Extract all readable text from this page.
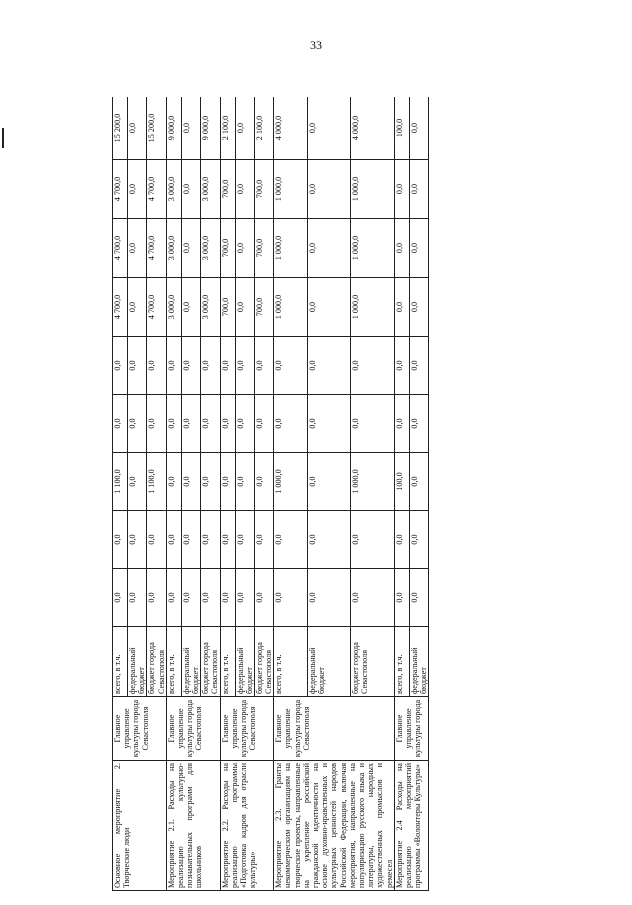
33
Основное мероприятие 2. Творческие люди	Главное управление культуры города Севастополя	всего, в т.ч.	0,0	0,0	1 100,0	0,0	0,0	4 700,0	4 700,0	4 700,0	15 200,0
		федеральный бюджет	0,0	0,0	0,0	0,0	0,0	0,0	0,0	0,0	0,0
		бюджет города Севастополя	0,0	0,0	1 100,0	0,0	0,0	4 700,0	4 700,0	4 700,0	15 200,0
Мероприятие 2.1. Расходы на реализацию культурно-познавательных программ для школьников	Главное управление культуры города Севастополя	всего, в т.ч.	0,0	0,0	0,0	0,0	0,0	3 000,0	3 000,0	3 000,0	9 000,0
		федеральный бюджет	0,0	0,0	0,0	0,0	0,0	0,0	0,0	0,0	0,0
		бюджет города Севастополя	0,0	0,0	0,0	0,0	0,0	3 000,0	3 000,0	3 000,0	9 000,0
Мероприятие 2.2. Расходы на реализацию программы «Подготовка кадров для отрасли культуры»	Главное управление культуры города Севастополя	всего, в т.ч.	0,0	0,0	0,0	0,0	0,0	700,0	700,0	700,0	2 100,0
		федеральный бюджет	0,0	0,0	0,0	0,0	0,0	0,0	0,0	0,0	0,0
		бюджет города Севастополя	0,0	0,0	0,0	0,0	0,0	700,0	700,0	700,0	2 100,0
Мероприятие 2.3. Гранты некоммерческим организациям на творческие проекты, направленные на укрепление российской гражданской идентичности на основе духовно-нравственных и культурных ценностей народов Российской Федерации, включая мероприятия, направленные на популяризацию русского языка и литературы, народных художественных промыслов и ремесел	Главное управление культуры города Севастополя	всего, в т.ч.	0,0	0,0	1 000,0	0,0	0,0	1 000,0	1 000,0	1 000,0	4 000,0
		федеральный бюджет	0,0	0,0	0,0	0,0	0,0	0,0	0,0	0,0	0,0
		бюджет города Севастополя	0,0	0,0	1 000,0	0,0	0,0	1 000,0	1 000,0	1 000,0	4 000,0
Мероприятие 2.4 Расходы на реализацию мероприятий программы «Волонтеры Культуры»	Главное управление культуры города	всего, в т.ч.	0,0	0,0	100,0	0,0	0,0	0,0	0,0	0,0	100,0
		федеральный бюджет	0,0	0,0	0,0	0,0	0,0	0,0	0,0	0,0	0,0
